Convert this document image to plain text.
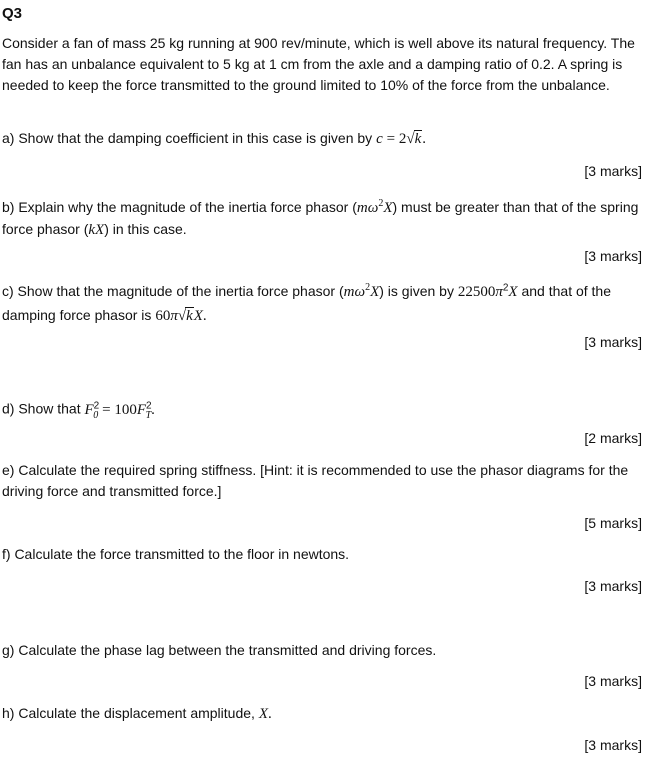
Q3
Consider a fan of mass 25 kg running at 900 rev/minute, which is well above its natural frequency. The fan has an unbalance equivalent to 5 kg at 1 cm from the axle and a damping ratio of 0.2. A spring is needed to keep the force transmitted to the ground limited to 10% of the force from the unbalance.
a) Show that the damping coefficient in this case is given by c = 2√k.
[3 marks]
b) Explain why the magnitude of the inertia force phasor $(m\omega^2X)$ must be greater than that of the spring force phasor (kX) in this case.
[3 marks]
c) Show that the magnitude of the inertia force phasor $(m\omega^2X)$ is given by $22500\pi^2X$ and that of the damping force phasor is 60π√kX.
[3 marks]
d) Show that $F^2_0 = 100F^2_T$.
[2 marks]
e) Calculate the required spring stiffness. [Hint: it is recommended to use the phasor diagrams for the driving force and transmitted force.]
[5 marks]
f) Calculate the force transmitted to the floor in newtons.
[3 marks]
g) Calculate the phase lag between the transmitted and driving forces.
[3 marks]
h) Calculate the displacement amplitude, X.
[3 marks]
